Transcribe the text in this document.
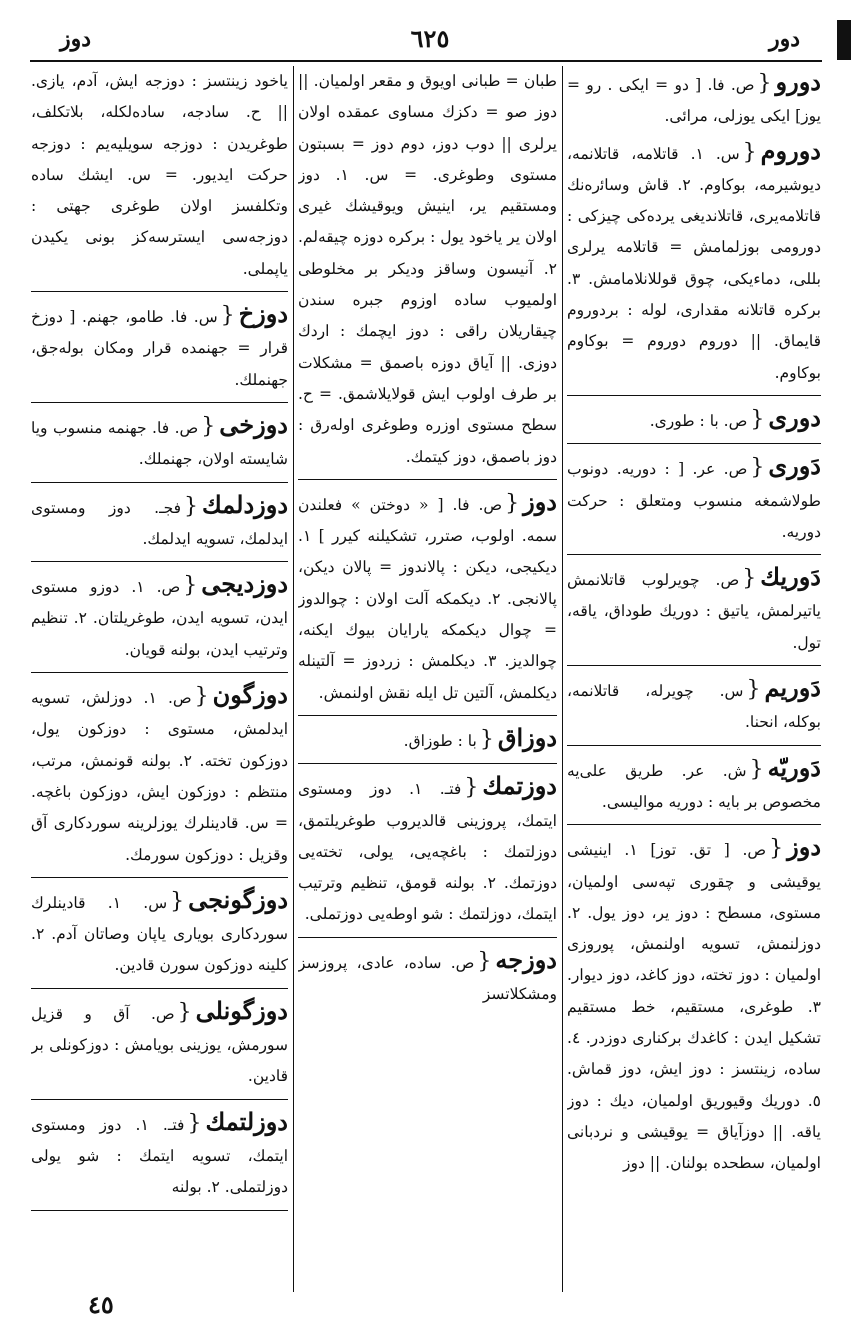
دور
٦٢٥
دوز
دورو{ص. فا. [ دو = ایکی . رو = یوز] ایکی یوزلی، مرائی.
دوروم{س. ۱. قاتلامه، قاتلانمه، دیوشیرمه، بوکاوم. ۲. قاش وساﺋره‌نك قاتلامه‌یری، قاتلاندیغی یرده‌کی چیزکی : دورومی بوزلمامش = قاتلامه یرلری بللی، دماءیکی، چوق قوللانلامامش. ۳. برکره قاتلانه مقداری، لوله : بردوروم قایماق. || دوروم دوروم = بوکاوم بوکاوم.
دوری{ص. با : طوری.
دَوری{ص. عر. [ : دوریه. دونوب طولاشمغه منسوب ومتعلق : حرکت دوریه.
دَوریك{ص. چویرلوب قاتلانمش یاتیرلمش، یاتیق : دوریك طوداق، یاقه، تول.
دَوریم{س. چویرله، قاتلانمه، بوکله، انحنا.
دَوریّه{ش. عر. طریق علی‌یه مخصوص بر بایه : دوریه موالیسی.
دوز{ص. [ تق. توز] ۱. اینیشی یوقیشی و چقوری تپه‌سی اولمیان، مستوی، مسطح : دوز یر، دوز یول. ۲. دوزلنمش، تسویه اولنمش، پوروزی اولمیان : دوز تخته، دوز کاغد، دوز دیوار. ۳. طوغری، مستقیم، خط مستقیم تشکیل ایدن : کاغدك برکناری دوزدر. ٤. ساده، زینتسز : دوز ایش، دوز قماش. ٥. دوریك وقیوریق اولمیان، دیك : دوز یاقه. || دوزآیاق = یوقیشی و نردبانی اولمیان، سطحده بولنان. || دوز
طبان = طبانی اویوق و مقعر اولمیان. || دوز صو = دکزك مساوی عمقده اولان یرلری || دوب دوز، دوم دوز = بسبتون مستوی وطوغری. = س. ۱. دوز ومستقیم یر، اینیش ویوقیشك غیری اولان یر یاخود یول : برکره دوزه چیقه‌لم. ۲. آنیسون وساقز ودیکر بر مخلوطی اولمیوب ساده اوزوم جبره سندن چیقاریلان راقی : دوز ایچمك : اردك دوزی. || آیاق دوزه باصمق = مشکلات بر طرف اولوب ایش قولایلاشمق. = ح. سطح مستوی اوزره وطوغری اوله‌رق : دوز باصمق، دوز کیتمك.
دوز{ص. فا. [ « دوختن » فعلندن سمه. اولوب، صترر، تشکیلنه کیرر ] ۱. دیکیجی، دیکن : پالاندوز = پالان دیکن، پالانجی. ۲. دیکمکه آلت اولان : چوالدوز = چوال دیکمکه یارایان بیوك ایکنه، چوالدیز. ۳. دیکلمش : زردوز = آلتینله دیکلمش، آلتین تل ایله نقش اولنمش.
دوزاق{با : طوزاق.
دوزتمك{فتـ. ۱. دوز ومستوی ایتمك، پروزینی قالدیروب طوغریلتمق، دوزلتمك : باغچه‌یی، یولی، تخته‌یی دوزتمك. ۲. بولنه قومق، تنظیم وترتیب ایتمك، دوزلتمك : شو اوطه‌یی دوزتملی.
دوزجه{ص. ساده، عادی، پروزسز ومشکلاتسز
یاخود زینتسز : دوزجه ایش، آدم، یازی. || ح. سادجه، ساده‌لکله، بلاتکلف، طوغریدن : دوزجه سویلیه‌یم : دوزجه حرکت ایدیور. = س. ایشك ساده وتکلفسز اولان طوغری جهتی : دوزجه‌سی ایسترسه‌کز بونی یکیدن یاپملی.
دوزخ{س. فا. طامو، جهنم. [ دوزخ قرار = جهنمده قرار ومکان بوله‌جق، جهنملك.
دوزخی{ص. فا. جهنمه منسوب ویا شایسته اولان، جهنملك.
دوزدلمك{فجـ. دوز ومستوی ایدلمك، تسویه ایدلمك.
دوزدیجی{ص. ۱. دوزو مستوی ایدن، تسویه ایدن، طوغریلتان. ۲. تنظیم وترتیب ایدن، بولنه قویان.
دوزگون{ص. ۱. دوزلش، تسویه ایدلمش، مستوی : دوزکون یول، دوزکون تخته. ۲. بولنه قونمش، مرتب، منتظم : دوزکون ایش، دوزکون باغچه. = س. قادینلرك یوزلرینه سوردکاری آق وقزیل : دوزکون سورمك.
دوزگونجی{س. ۱. قادینلرك سوردکاری بویاری یاپان وصاتان آدم. ۲. کلینه دوزکون سورن قادین.
دوزگونلی{ص. آق و قزیل سورمش، یوزینی بویامش : دوزکونلی بر قادین.
دوزلتمك{فتـ. ۱. دوز ومستوی ایتمك، تسویه ایتمك : شو یولی دوزلتملی. ۲. بولنه
٤٥
